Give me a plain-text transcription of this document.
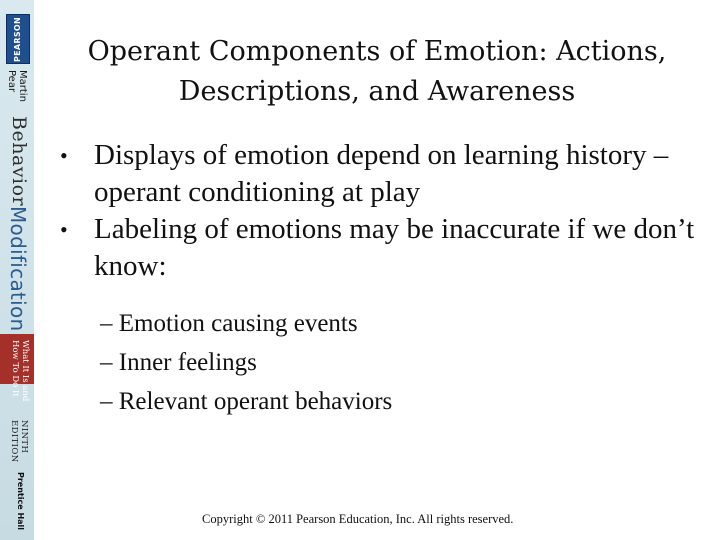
PEARSON
Martin
Pear
Behavior
Modification
What It Is and
How To Do It
NINTH
EDITION
Prentice Hall
Operant Components of Emotion: Actions, Descriptions, and Awareness
• Displays of emotion depend on learning history – operant conditioning at play
• Labeling of emotions may be inaccurate if we don’t know:
– Emotion causing events
– Inner feelings
– Relevant operant behaviors
Copyright © 2011 Pearson Education, Inc. All rights reserved.
